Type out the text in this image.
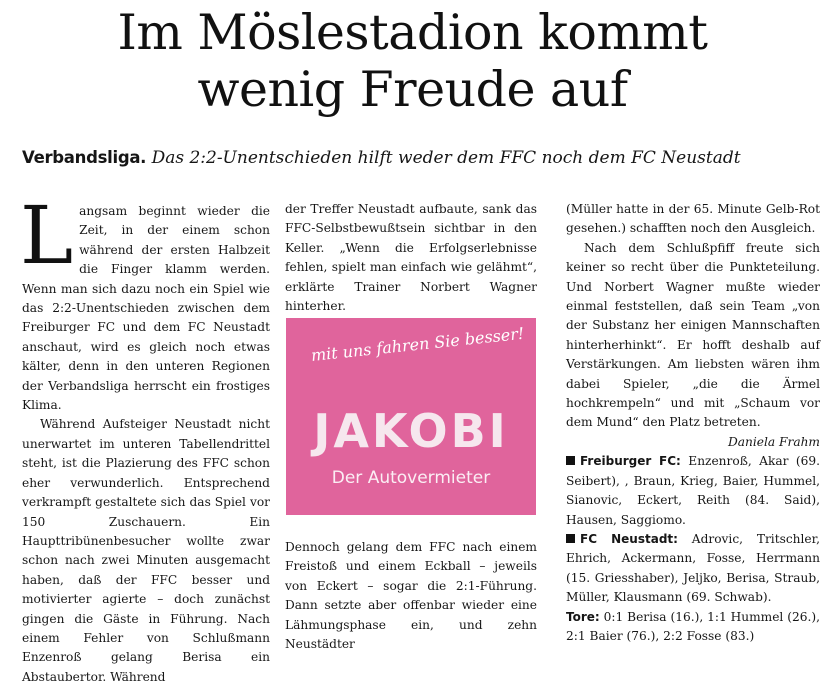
Im Möslestadion kommt
wenig Freude auf
Verbandsliga. Das 2:2-Unentschieden hilft weder dem FFC noch dem FC Neustadt

Langsam beginnt wieder die Zeit, in der einem schon während der ersten Halbzeit die Finger klamm werden. Wenn man sich dazu noch ein Spiel wie das 2:2-Unentschieden zwischen dem Freiburger FC und dem FC Neustadt anschaut, wird es gleich noch etwas kälter, denn in den unteren Regionen der Verbandsliga herrscht ein frostiges Klima.

Während Aufsteiger Neustadt nicht unerwartet im unteren Tabellendrittel steht, ist die Plazierung des FFC schon eher verwunderlich. Entsprechend verkrampft gestaltete sich das Spiel vor 150 Zuschauern. Ein Haupttribünenbesucher wollte zwar schon nach zwei Minuten ausgemacht haben, daß der FFC besser und motivierter agierte – doch zunächst gingen die Gäste in Führung. Nach einem Fehler von Schlußmann Enzenroß gelang Berisa ein Abstaubertor. Während

der Treffer Neustadt aufbaute, sank das FFC-Selbstbewußtsein sichtbar in den Keller. „Wenn die Erfolgserlebnisse fehlen, spielt man einfach wie gelähmt“, erklärte Trainer Norbert Wagner hinterher.

mit uns fahren Sie besser!
JAKOBI
Der Autovermieter

Dennoch gelang dem FFC nach einem Freistoß und einem Eckball – jeweils von Eckert – sogar die 2:1-Führung. Dann setzte aber offenbar wieder eine Lähmungsphase ein, und zehn Neustädter

(Müller hatte in der 65. Minute Gelb-Rot gesehen.) schafften noch den Ausgleich.

Nach dem Schlußpfiff freute sich keiner so recht über die Punkteteilung. Und Norbert Wagner mußte wieder einmal feststellen, daß sein Team „von der Substanz her einigen Mannschaften hinterherhinkt“. Er hofft deshalb auf Verstärkungen. Am liebsten wären ihm dabei Spieler, „die die Ärmel hochkrempeln“ und mit „Schaum vor dem Mund“ den Platz betreten.

Daniela Frahm

Freiburger FC: Enzenroß, Akar (69. Seibert), , Braun, Krieg, Baier, Hummel, Sianovic, Eckert, Reith (84. Said), Hausen, Saggiomo.

FC Neustadt: Adrovic, Tritschler, Ehrich, Ackermann, Fosse, Herrmann (15. Griesshaber), Jeljko, Berisa, Straub, Müller, Klausmann (69. Schwab).

Tore: 0:1 Berisa (16.), 1:1 Hummel (26.), 2:1 Baier (76.), 2:2 Fosse (83.)
